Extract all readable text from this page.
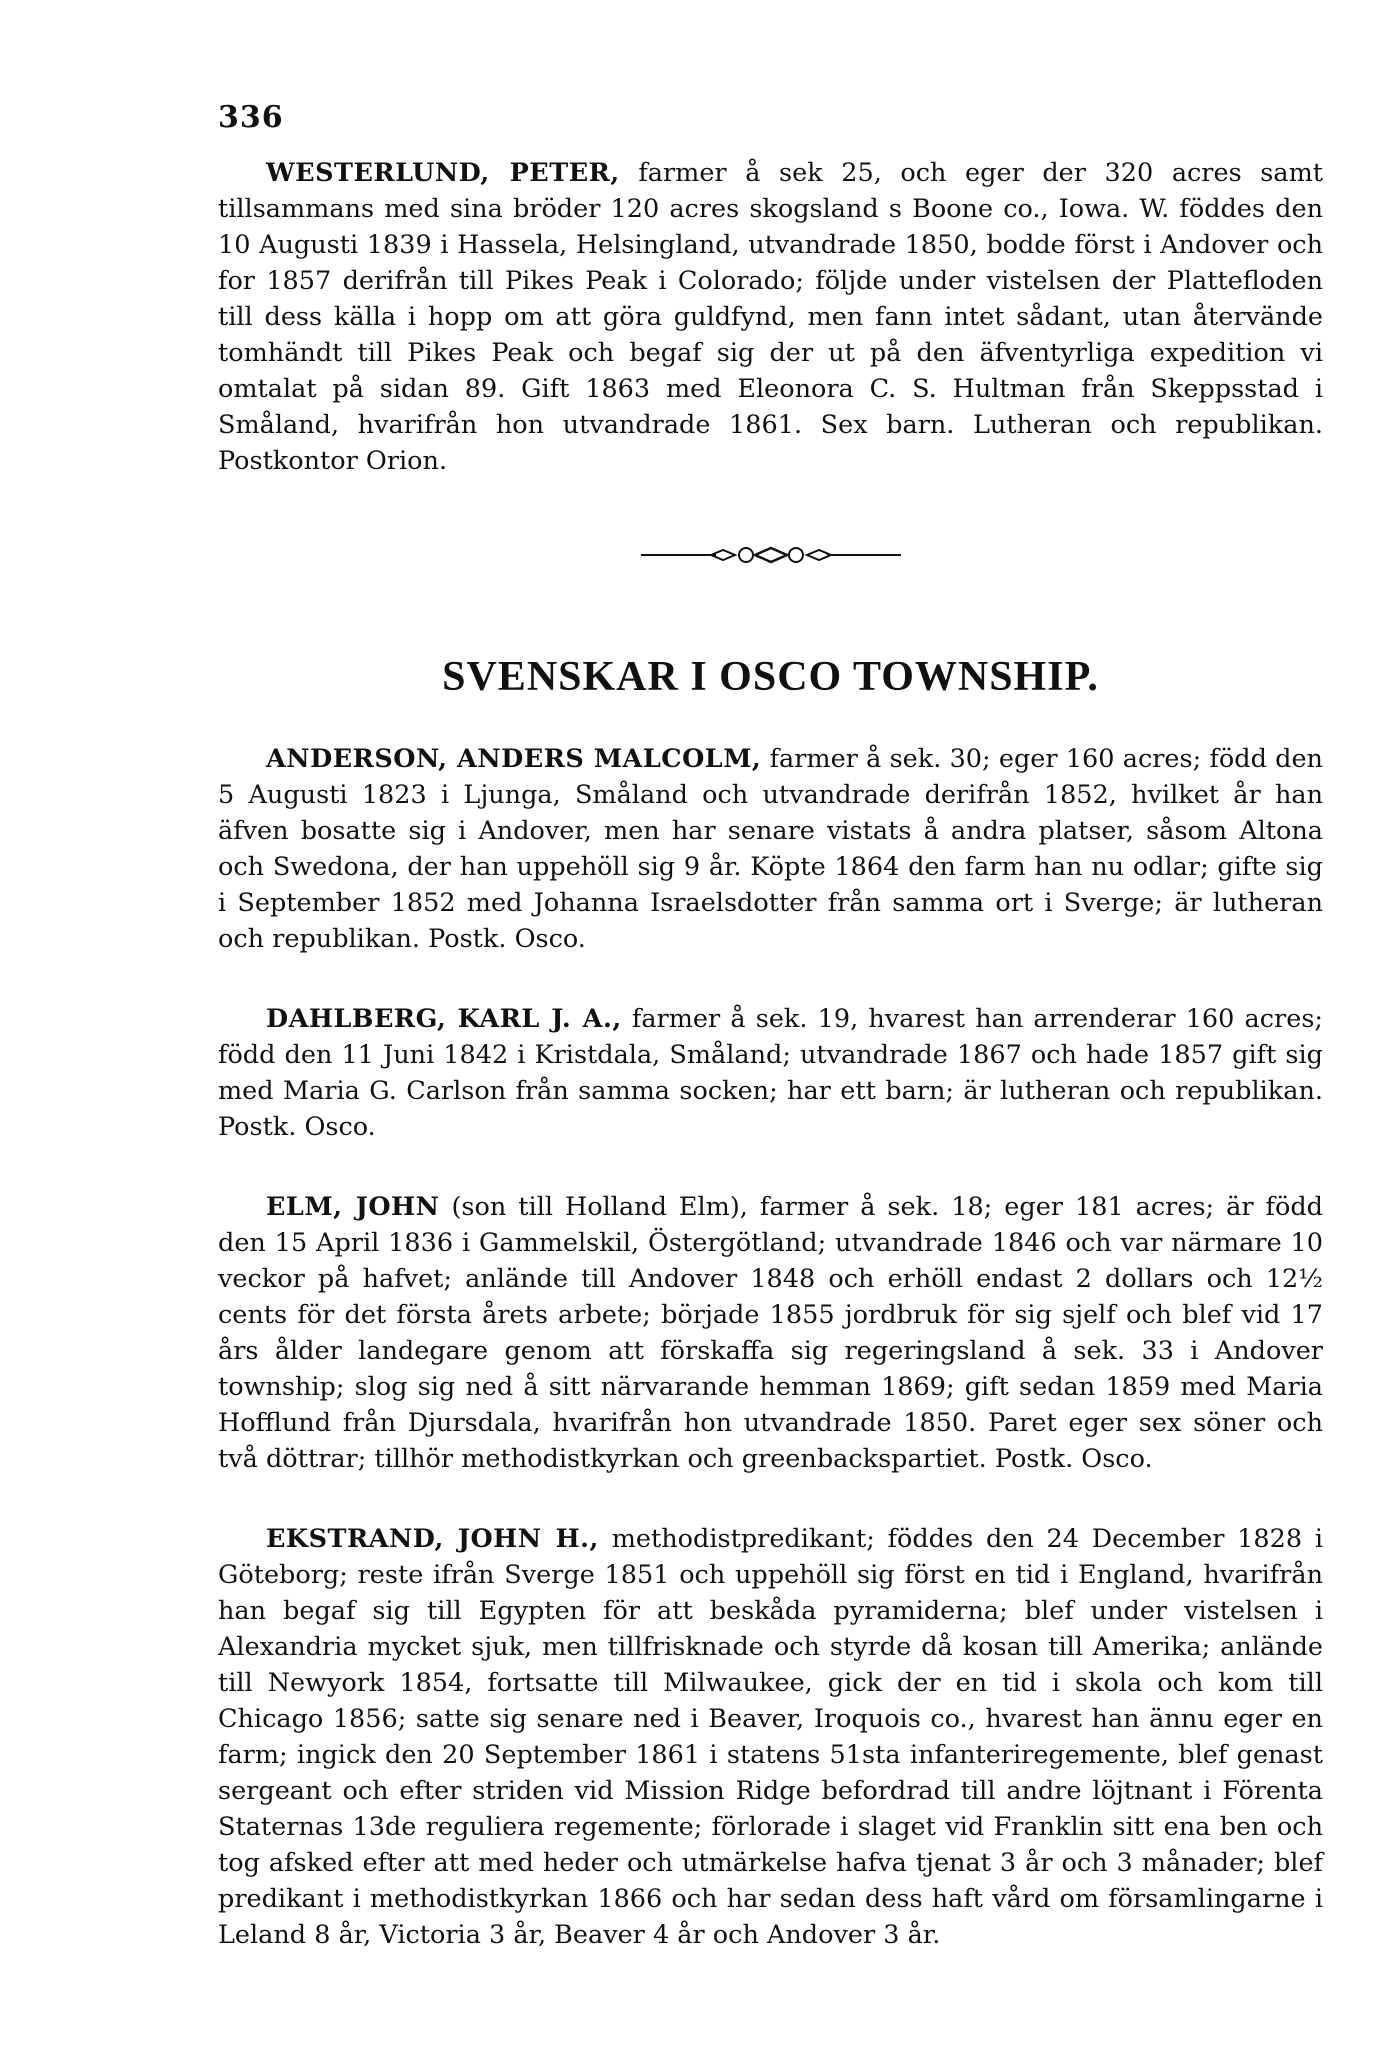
336

WESTERLUND, PETER, farmer å sek 25, och eger der 320 acres samt tillsammans med sina bröder 120 acres skogsland s Boone co., Iowa. W. föddes den 10 Augusti 1839 i Hassela, Helsingland, utvandrade 1850, bodde först i Andover och for 1857 derifrån till Pikes Peak i Colorado; följde under vistelsen der Plattefloden till dess källa i hopp om att göra guldfynd, men fann intet sådant, utan återvände tomhändt till Pikes Peak och begaf sig der ut på den äfventyrliga expedition vi omtalat på sidan 89. Gift 1863 med Eleonora C. S. Hultman från Skeppsstad i Småland, hvarifrån hon utvandrade 1861. Sex barn. Lutheran och republikan. Postkontor Orion.

SVENSKAR I OSCO TOWNSHIP.

ANDERSON, ANDERS MALCOLM, farmer å sek. 30; eger 160 acres; född den 5 Augusti 1823 i Ljunga, Småland och utvandrade derifrån 1852, hvilket år han äfven bosatte sig i Andover, men har senare vistats å andra platser, såsom Altona och Swedona, der han uppehöll sig 9 år. Köpte 1864 den farm han nu odlar; gifte sig i September 1852 med Johanna Israelsdotter från samma ort i Sverge; är lutheran och republikan. Postk. Osco.

DAHLBERG, KARL J. A., farmer å sek. 19, hvarest han arrenderar 160 acres; född den 11 Juni 1842 i Kristdala, Småland; utvandrade 1867 och hade 1857 gift sig med Maria G. Carlson från samma socken; har ett barn; är lutheran och republikan. Postk. Osco.

ELM, JOHN (son till Holland Elm), farmer å sek. 18; eger 181 acres; är född den 15 April 1836 i Gammelskil, Östergötland; utvandrade 1846 och var närmare 10 veckor på hafvet; anlände till Andover 1848 och erhöll endast 2 dollars och 12½ cents för det första årets arbete; började 1855 jordbruk för sig sjelf och blef vid 17 års ålder landegare genom att förskaffa sig regeringsland å sek. 33 i Andover township; slog sig ned å sitt närvarande hemman 1869; gift sedan 1859 med Maria Hofflund från Djursdala, hvarifrån hon utvandrade 1850. Paret eger sex söner och två döttrar; tillhör methodistkyrkan och greenbackspartiet. Postk. Osco.

EKSTRAND, JOHN H., methodistpredikant; föddes den 24 December 1828 i Göteborg; reste ifrån Sverge 1851 och uppehöll sig först en tid i England, hvarifrån han begaf sig till Egypten för att beskåda pyramiderna; blef under vistelsen i Alexandria mycket sjuk, men tillfrisknade och styrde då kosan till Amerika; anlände till Newyork 1854, fortsatte till Milwaukee, gick der en tid i skola och kom till Chicago 1856; satte sig senare ned i Beaver, Iroquois co., hvarest han ännu eger en farm; ingick den 20 September 1861 i statens 51sta infanteriregemente, blef genast sergeant och efter striden vid Mission Ridge befordrad till andre löjtnant i Förenta Staternas 13de reguliera regemente; förlorade i slaget vid Franklin sitt ena ben och tog afsked efter att med heder och utmärkelse hafva tjenat 3 år och 3 månader; blef predikant i methodistkyrkan 1866 och har sedan dess haft vård om församlingarne i Leland 8 år, Victoria 3 år, Beaver 4 år och Andover 3 år.
